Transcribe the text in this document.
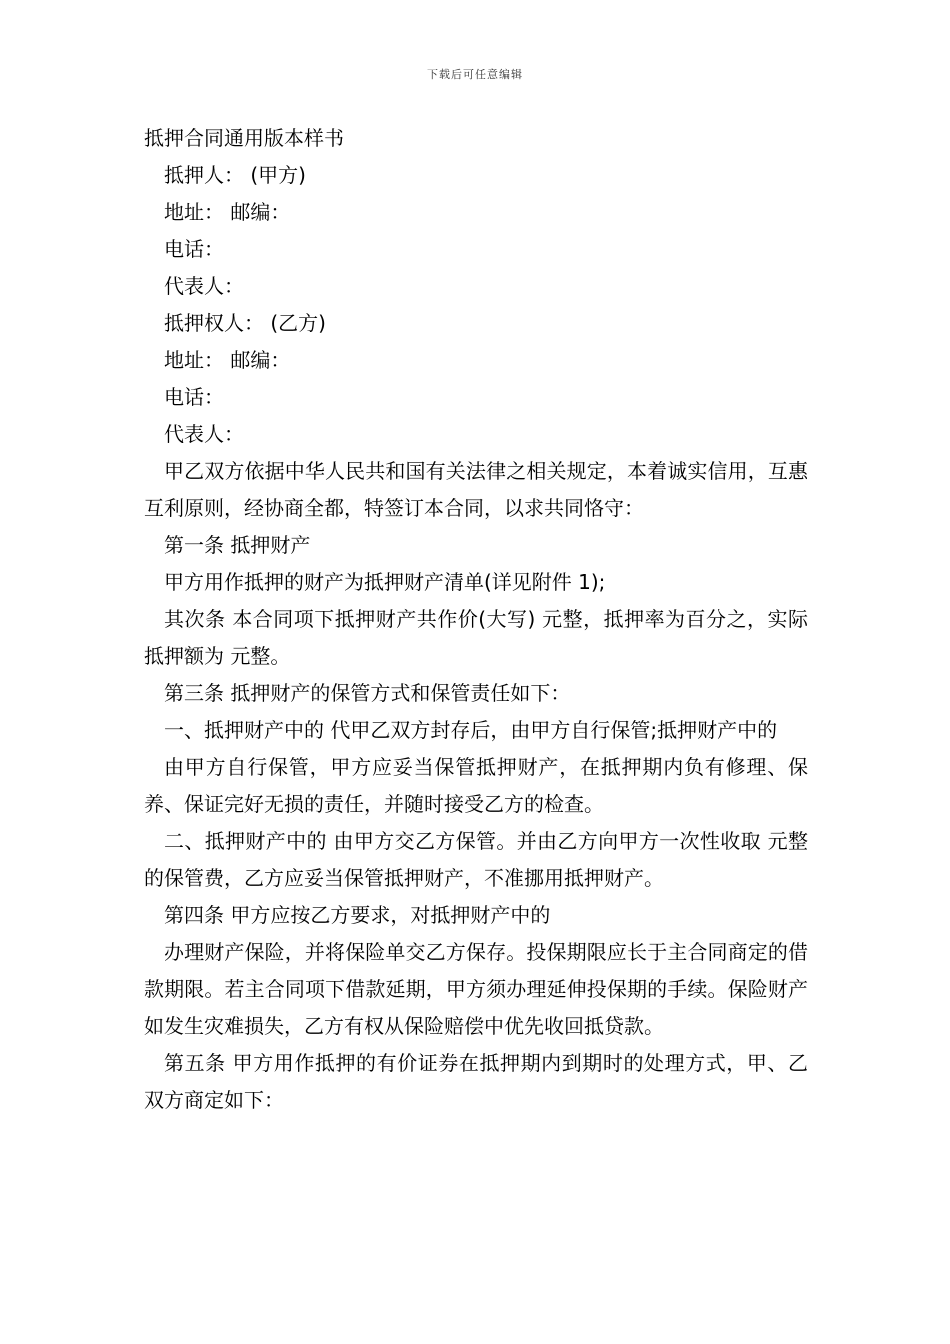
下载后可任意编辑
抵押合同通用版本样书

抵押人： (甲方)

地址： 邮编：

电话：

代表人：

抵押权人： (乙方)

地址： 邮编：

电话：

代表人：

甲乙双方依据中华人民共和国有关法律之相关规定，本着诚实信用，互惠互利原则，经协商全都，特签订本合同，以求共同恪守：

第一条 抵押财产

甲方用作抵押的财产为抵押财产清单(详见附件 1);

其次条 本合同项下抵押财产共作价(大写) 元整，抵押率为百分之，实际抵押额为 元整。

第三条 抵押财产的保管方式和保管责任如下：

一、抵押财产中的 代甲乙双方封存后，由甲方自行保管;抵押财产中的

由甲方自行保管，甲方应妥当保管抵押财产，在抵押期内负有修理、保养、保证完好无损的责任，并随时接受乙方的检查。

二、抵押财产中的 由甲方交乙方保管。并由乙方向甲方一次性收取 元整的保管费，乙方应妥当保管抵押财产，不准挪用抵押财产。

第四条 甲方应按乙方要求，对抵押财产中的

办理财产保险，并将保险单交乙方保存。投保期限应长于主合同商定的借款期限。若主合同项下借款延期，甲方须办理延伸投保期的手续。保险财产如发生灾难损失，乙方有权从保险赔偿中优先收回抵贷款。

第五条 甲方用作抵押的有价证券在抵押期内到期时的处理方式，甲、乙双方商定如下：
